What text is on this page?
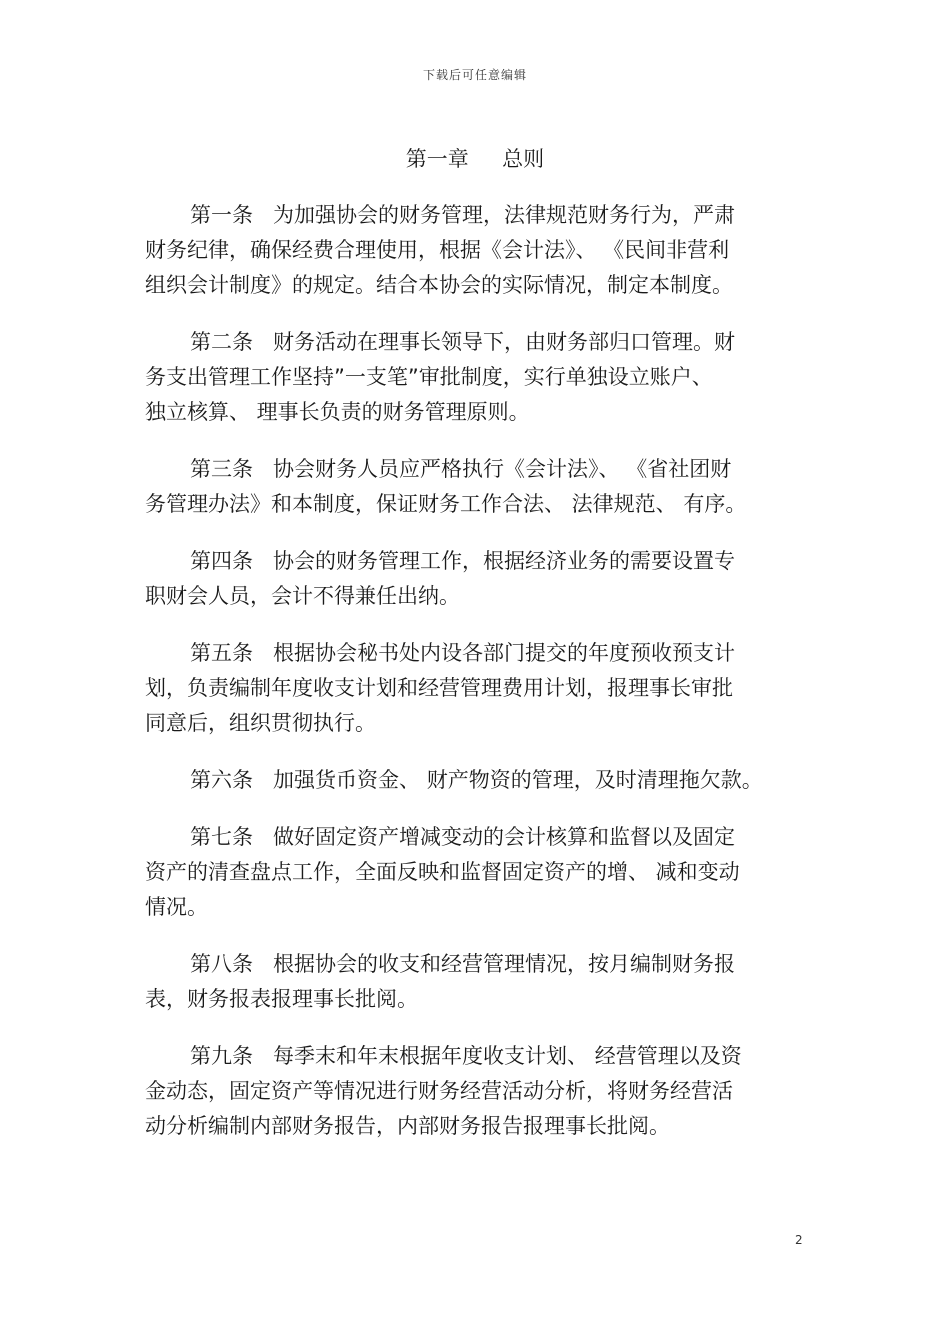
下载后可任意编辑
第一章     总则
第一条   为加强协会的财务管理，法律规范财务行为，严肃
财务纪律，确保经费合理使用，根据《会计法》、 《民间非营利
组织会计制度》的规定。结合本协会的实际情况，制定本制度。
第二条   财务活动在理事长领导下，由财务部归口管理。财
务支出管理工作坚持”一支笔”审批制度，实行单独设立账户、
独立核算、 理事长负责的财务管理原则。
第三条   协会财务人员应严格执行《会计法》、 《省社团财
务管理办法》和本制度，保证财务工作合法、 法律规范、 有序。
第四条   协会的财务管理工作，根据经济业务的需要设置专
职财会人员，会计不得兼任出纳。
第五条   根据协会秘书处内设各部门提交的年度预收预支计
划，负责编制年度收支计划和经营管理费用计划，报理事长审批
同意后，组织贯彻执行。
第六条   加强货币资金、 财产物资的管理，及时清理拖欠款。
第七条   做好固定资产增减变动的会计核算和监督以及固定
资产的清查盘点工作，全面反映和监督固定资产的增、 减和变动
情况。
第八条   根据协会的收支和经营管理情况，按月编制财务报
表，财务报表报理事长批阅。
第九条   每季末和年末根据年度收支计划、 经营管理以及资
金动态，固定资产等情况进行财务经营活动分析，将财务经营活
动分析编制内部财务报告，内部财务报告报理事长批阅。
2
